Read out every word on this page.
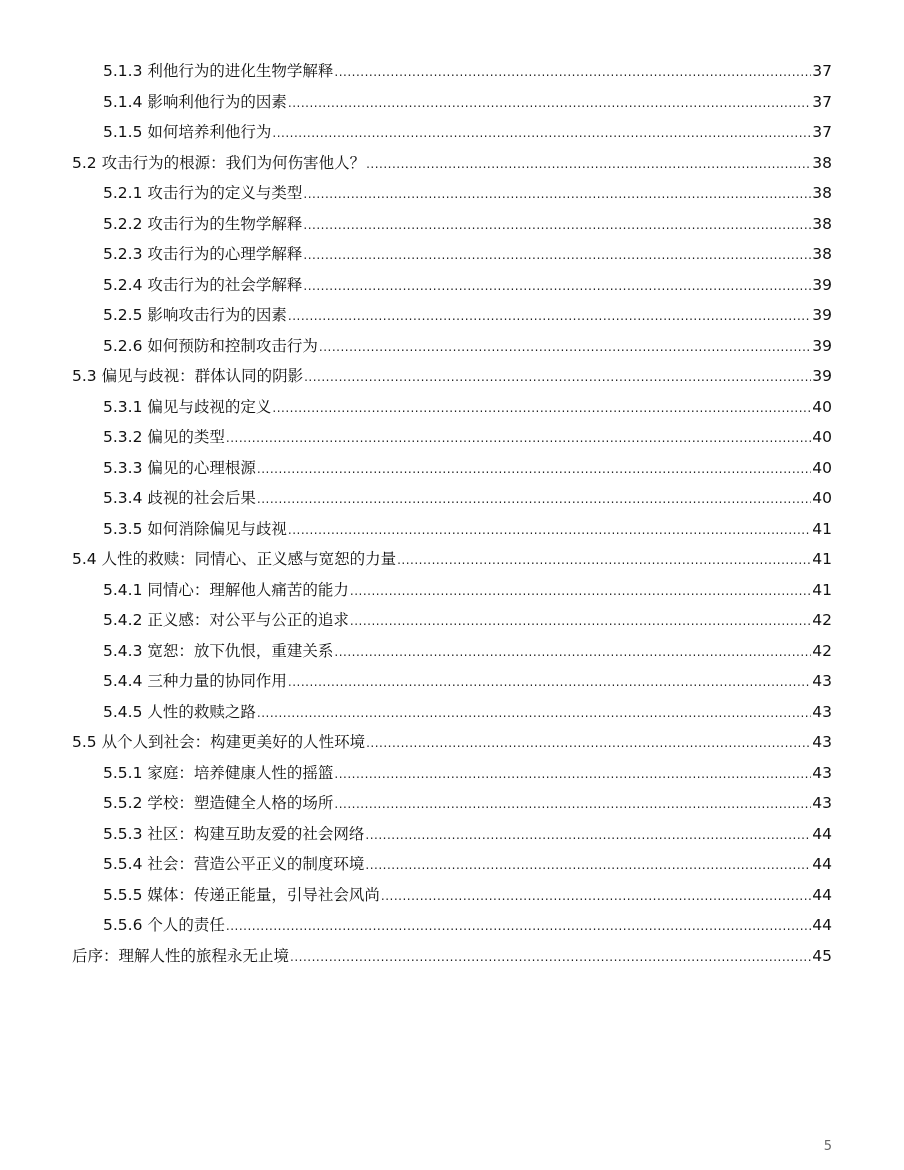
5.1.3 利他行为的进化生物学解释 .....	37
5.1.4 影响利他行为的因素 .....	37
5.1.5 如何培养利他行为 .....	37
5.2 攻击行为的根源：我们为何伤害他人？ .....	38
5.2.1 攻击行为的定义与类型 .....	38
5.2.2 攻击行为的生物学解释 .....	38
5.2.3 攻击行为的心理学解释 .....	38
5.2.4 攻击行为的社会学解释 .....	39
5.2.5 影响攻击行为的因素 .....	39
5.2.6 如何预防和控制攻击行为 .....	39
5.3 偏见与歧视：群体认同的阴影 .....	39
5.3.1 偏见与歧视的定义 .....	40
5.3.2 偏见的类型 .....	40
5.3.3 偏见的心理根源 .....	40
5.3.4 歧视的社会后果 .....	40
5.3.5 如何消除偏见与歧视 .....	41
5.4 人性的救赎：同情心、正义感与宽恕的力量 .....	41
5.4.1 同情心：理解他人痛苦的能力 .....	41
5.4.2 正义感：对公平与公正的追求 .....	42
5.4.3 宽恕：放下仇恨，重建关系 .....	42
5.4.4 三种力量的协同作用 .....	43
5.4.5 人性的救赎之路 .....	43
5.5 从个人到社会：构建更美好的人性环境 .....	43
5.5.1 家庭：培养健康人性的摇篮 .....	43
5.5.2 学校：塑造健全人格的场所 .....	43
5.5.3 社区：构建互助友爱的社会网络 .....	44
5.5.4 社会：营造公平正义的制度环境 .....	44
5.5.5 媒体：传递正能量，引导社会风尚 .....	44
5.5.6 个人的责任 .....	44
后序：理解人性的旅程永无止境 .....	45
5
